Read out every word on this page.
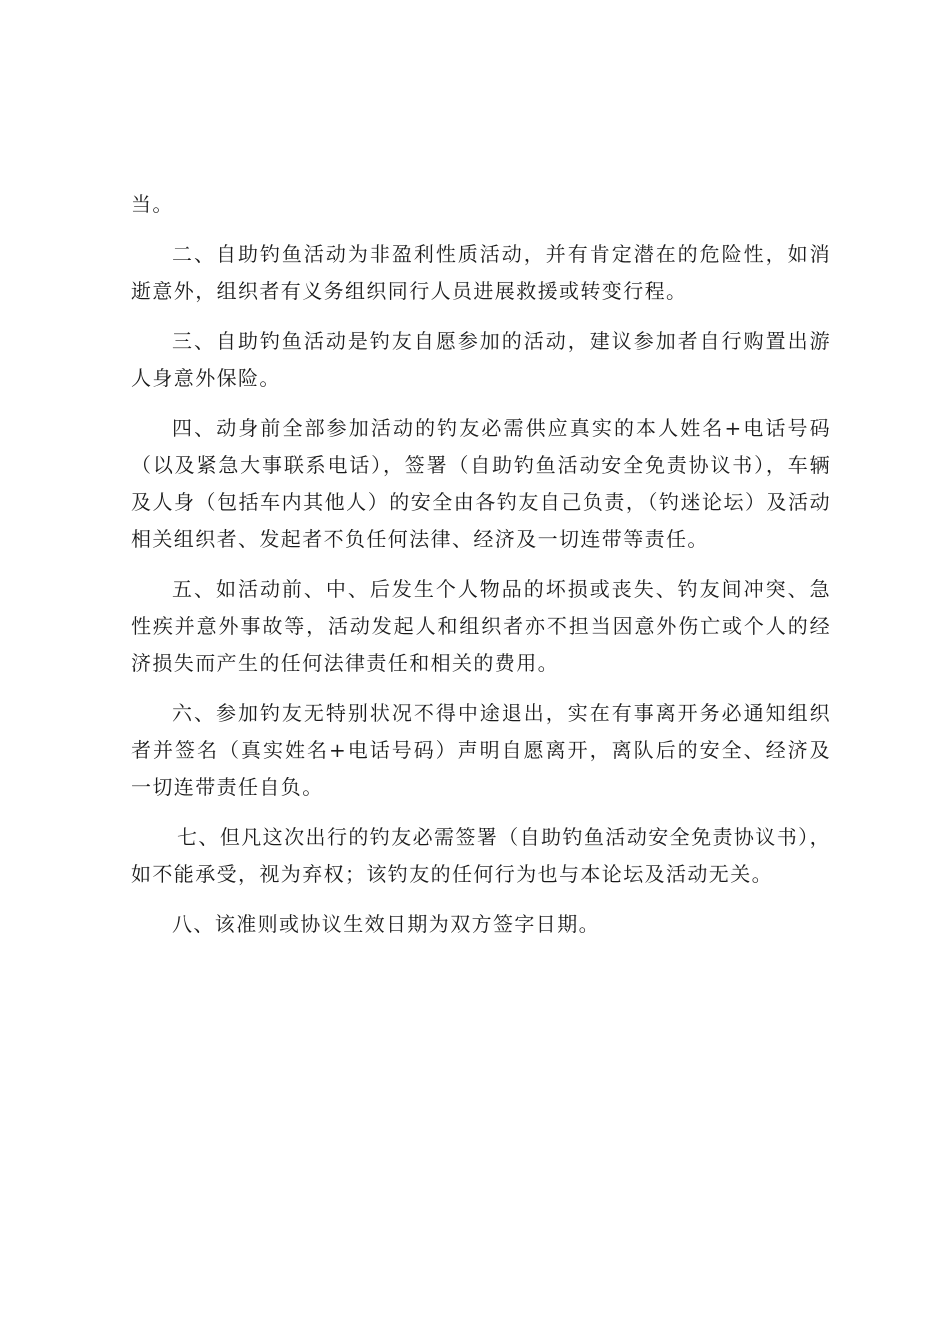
当。

二、自助钓鱼活动为非盈利性质活动，并有肯定潜在的危险性，如消逝意外，组织者有义务组织同行人员进展救援或转变行程。

三、自助钓鱼活动是钓友自愿参加的活动，建议参加者自行购置出游人身意外保险。

四、动身前全部参加活动的钓友必需供应真实的本人姓名+电话号码（以及紧急大事联系电话），签署（自助钓鱼活动安全免责协议书），车辆及人身（包括车内其他人）的安全由各钓友自己负责，（钓迷论坛）及活动相关组织者、发起者不负任何法律、经济及一切连带等责任。

五、如活动前、中、后发生个人物品的坏损或丧失、钓友间冲突、急性疾并意外事故等，活动发起人和组织者亦不担当因意外伤亡或个人的经济损失而产生的任何法律责任和相关的费用。

六、参加钓友无特别状况不得中途退出，实在有事离开务必通知组织者并签名（真实姓名+电话号码）声明自愿离开，离队后的安全、经济及一切连带责任自负。

七、但凡这次出行的钓友必需签署（自助钓鱼活动安全免责协议书），如不能承受，视为弃权；该钓友的任何行为也与本论坛及活动无关。

八、该准则或协议生效日期为双方签字日期。
